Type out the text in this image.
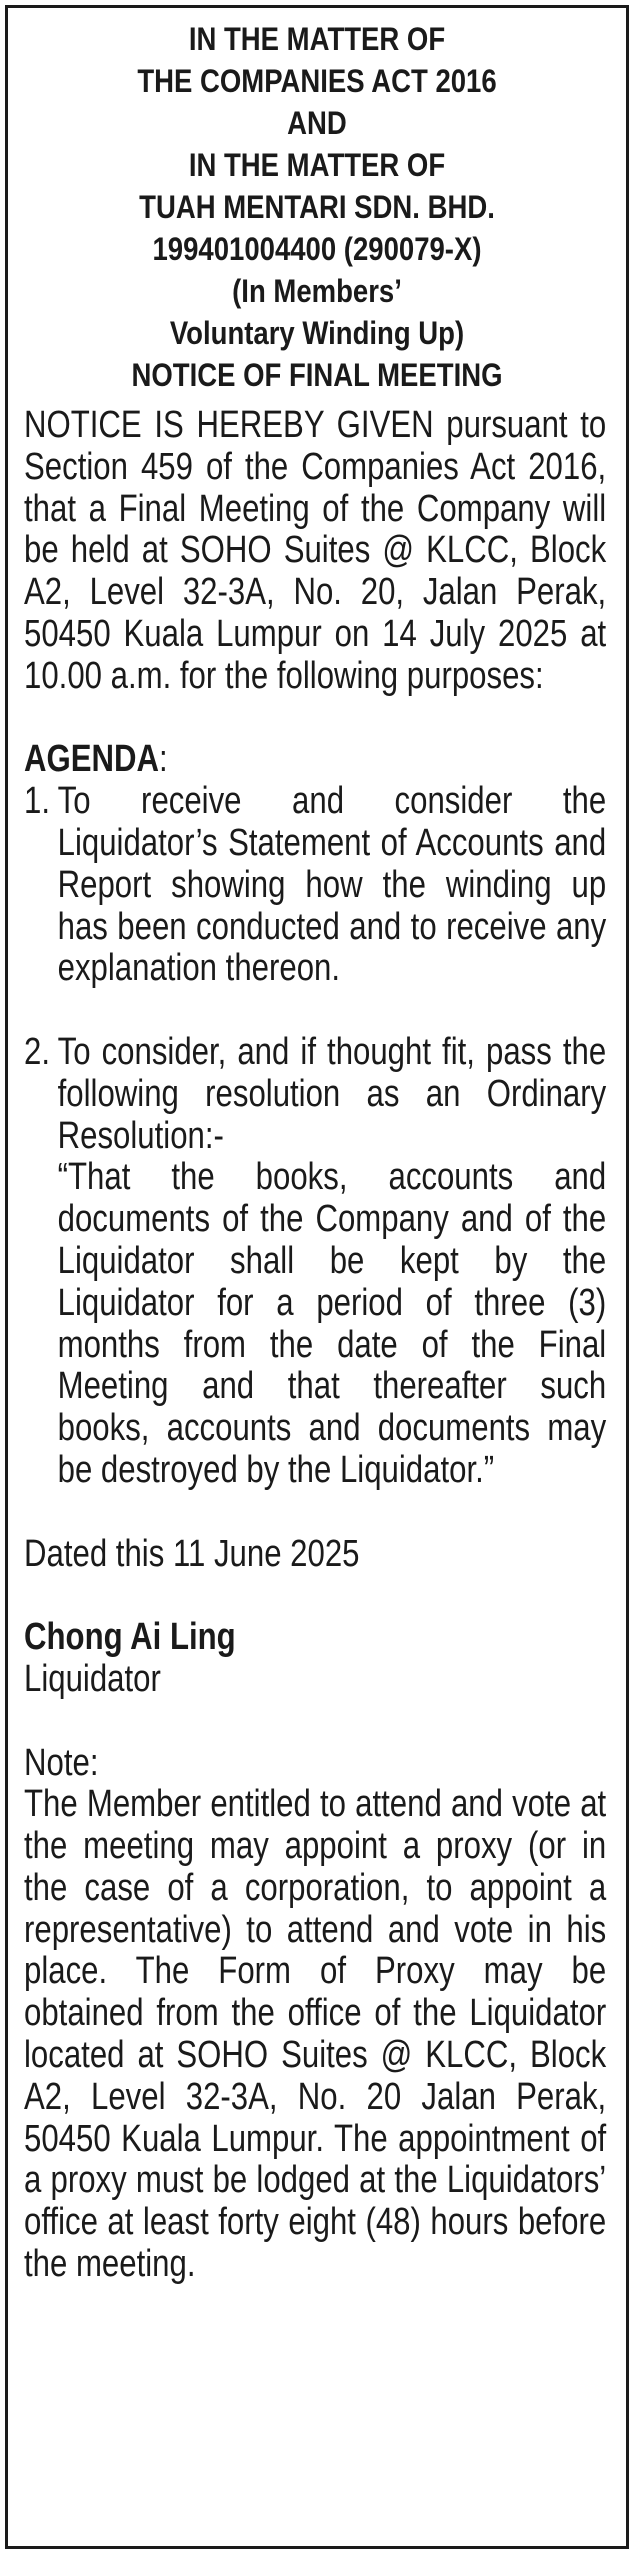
IN THE MATTER OF
THE COMPANIES ACT 2016
AND
IN THE MATTER OF
TUAH MENTARI SDN. BHD.
199401004400 (290079-X)
(In Members’
Voluntary Winding Up)
NOTICE OF FINAL MEETING

NOTICE IS HEREBY GIVEN pursuant to Section 459 of the Companies Act 2016, that a Final Meeting of the Company will be held at SOHO Suites @ KLCC, Block A2, Level 32-3A, No. 20, Jalan Perak, 50450 Kuala Lumpur on 14 July 2025 at 10.00 a.m. for the following purposes:

AGENDA:

1. To receive and consider the Liquidator’s Statement of Accounts and Report showing how the winding up has been conducted and to receive any explanation thereon.
2. To consider, and if thought fit, pass the following resolution as an Ordinary Resolution:-
“That the books, accounts and documents of the Company and of the Liquidator shall be kept by the Liquidator for a period of three (3) months from the date of the Final Meeting and that thereafter such books, accounts and documents may be destroyed by the Liquidator.”

Dated this 11 June 2025

Chong Ai Ling

Liquidator

Note:

The Member entitled to attend and vote at the meeting may appoint a proxy (or in the case of a corporation, to appoint a representative) to attend and vote in his place. The Form of Proxy may be obtained from the office of the Liquidator located at SOHO Suites @ KLCC, Block A2, Level 32-3A, No. 20 Jalan Perak, 50450 Kuala Lumpur. The appointment of a proxy must be lodged at the Liquidators’ office at least forty eight (48) hours before the meeting.
